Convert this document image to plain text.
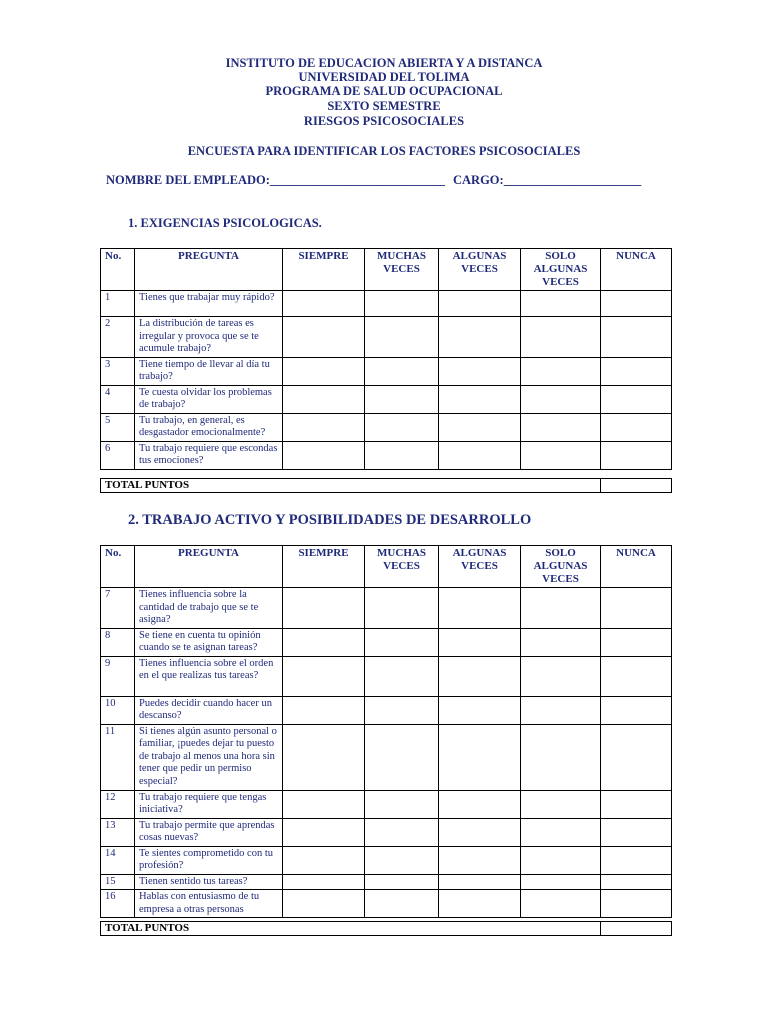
INSTITUTO DE EDUCACION ABIERTA Y A DISTANCA
UNIVERSIDAD DEL TOLIMA
PROGRAMA DE SALUD OCUPACIONAL
SEXTO SEMESTRE
RIESGOS PSICOSOCIALES
ENCUESTA PARA IDENTIFICAR LOS FACTORES PSICOSOCIALES
NOMBRE DEL EMPLEADO:____________________________ CARGO:______________________
1. EXIGENCIAS PSICOLOGICAS.
No.	PREGUNTA	SIEMPRE	MUCHAS VECES	ALGUNAS VECES	SOLO ALGUNAS VECES	NUNCA
1	Tienes que trabajar muy rápido?					
2	La distribución de tareas es irregular y provoca que se te acumule trabajo?					
3	Tiene tiempo de llevar al día tu trabajo?					
4	Te cuesta olvidar los problemas de trabajo?					
5	Tu trabajo, en general, es desgastador emocionalmente?					
6	Tu trabajo requiere que escondas tus emociones?					
TOTAL PUNTOS	
2. TRABAJO ACTIVO Y POSIBILIDADES DE DESARROLLO
No.	PREGUNTA	SIEMPRE	MUCHAS VECES	ALGUNAS VECES	SOLO ALGUNAS VECES	NUNCA
7	Tienes influencia sobre la cantidad de trabajo que se te asigna?					
8	Se tiene en cuenta tu opinión cuando se te asignan tareas?					
9	Tienes influencia sobre el orden en el que realizas tus tareas?					
10	Puedes decidir cuando hacer un descanso?					
11	Si tienes algún asunto personal o familiar, ¡puedes dejar tu puesto de trabajo al menos una hora sin tener que pedir un permiso especial?					
12	Tu trabajo requiere que tengas iniciativa?					
13	Tu trabajo permite que aprendas cosas nuevas?					
14	Te sientes comprometido con tu profesión?					
15	Tienen sentido tus tareas?					
16	Hablas con entusiasmo de tu empresa a otras personas					
TOTAL PUNTOS	
